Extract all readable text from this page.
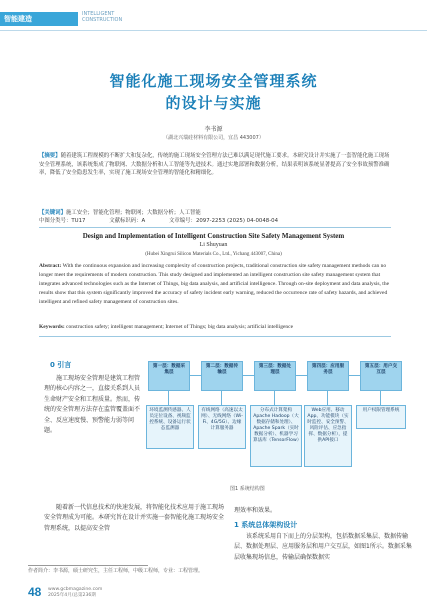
智能建造
INTELLIGENT
CONSTRUCTION
智能化施工现场安全管理系统
的设计与实施
李书源
（湖北兴瑞硅材料有限公司，宜昌 443007）
【摘要】随着建筑工程规模的不断扩大和复杂化，传统的施工现场安全管理方法已难以满足现代施工要求。本研究设计并实施了一套智能化施工现场安全管理系统，该系统集成了物联网、大数据分析和人工智能等先进技术。通过实地部署和数据分析，结果表明该系统显著提高了安全事故预警准确率，降低了安全隐患发生率，实现了施工现场安全管理的智能化和精细化。
【关键词】施工安全；智能化管理；物联网；大数据分析；人工智能
中图分类号：TU17	文献标识码：A	文章编号：2097-2253 (2025) 04-0048-04
Design and Implementation of Intelligent Construction Site Safety Management System
Li Shuyuan
(Hubei Xingrui Silicon Materials Co., Ltd., Yichang 443007, China)
Abstract: With the continuous expansion and increasing complexity of construction projects, traditional construction site safety management methods can no longer meet the requirements of modern construction. This study designed and implemented an intelligent construction site safety management system that integrates advanced technologies such as the Internet of Things, big data analysis, and artificial intelligence. Through on-site deployment and data analysis, the results show that this system significantly improved the accuracy of safety incident early warning, reduced the occurrence rate of safety hazards, and achieved intelligent and refined safety management of construction sites.
Keywords: construction safety; intelligent management; Internet of Things; big data analysis; artificial intelligence
0 引言
施工现场安全管理是建筑工程管理的核心内容之一，直接关系到人员生命财产安全和工程质量。然而，传统的安全管理方法存在监管覆盖面不全、反应速度慢、预警能力弱等问题。
随着新一代信息技术的快速发展，将智能化技术应用于施工现场安全管理成为可能。本研究旨在设计并实施一套智能化施工现场安全管理系统，以提高安全管
第一层：数据采集层
第二层：数据传输层
第三层：数据处理层
第四层：应用服务层
第五层：用户交互层
环境监测传感器、人员定位设备、视频监控系统、设备运行状态监测器
有线网络（高速以太网）、无线网络（Wi-Fi、4G/5G）、边缘计算服务器
分布式计算架构 Apache Hadoop（大数据存储和处理）、Apache Spark（实时数据分析）、机器学习算法库（TensorFlow）
Web应用、移动App、功能模块（实时监控、安全预警、风险评估、应急指挥、数据分析），提供API接口
用户权限管理系统
图1 系统结构图
理效率和效果。
1 系统总体架构设计
该系统采用自下而上的分层架构，包括数据采集层、数据传输层、数据处理层、应用服务层和用户交互层，如图1所示。数据采集层收集现场信息，传输层确保数据实
作者简介：李书源，硕士研究生，主任工程师，中级工程师，专业：工程管理。
48 www.gcbmagazine.com
2025年4月/总第236期
